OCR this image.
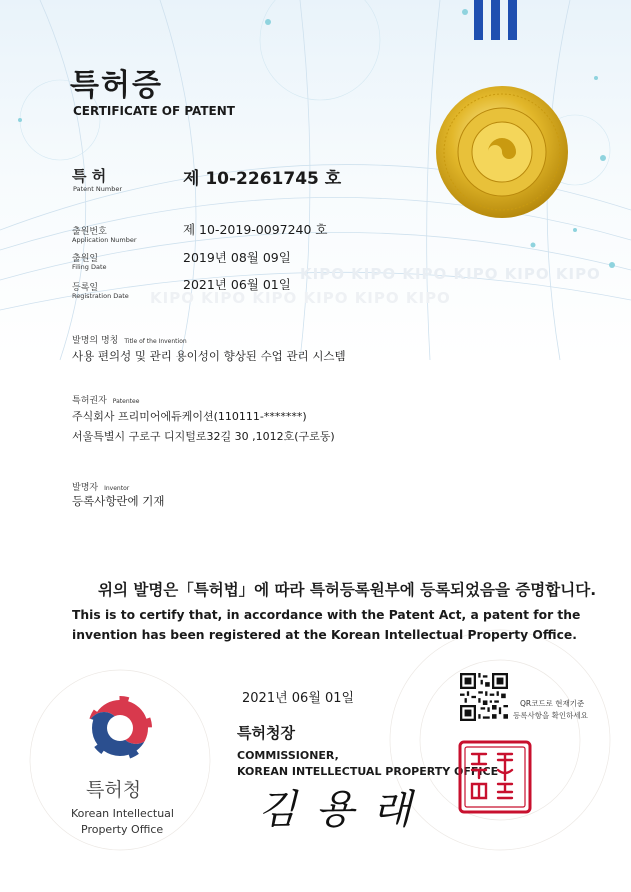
특허증
CERTIFICATE OF PATENT
KIPO KIPO KIPO KIPO KIPO KIPO
KIPO KIPO KIPO KIPO KIPO KIPO
특 허
Patent Number	제 10-2261745 호
출원번호
Application Number
제 10-2019-0097240 호
출원일
Filing Date
2019년 08월 09일
등록일
Registration Date
2021년 06월 01일
발명의 명칭 Title of the Invention
사용 편의성 및 관리 용이성이 향상된 수업 관리 시스템
특허권자 Patentee
주식회사 프리미어에듀케이션(110111-*******)
서울특별시 구로구 디지털로32길 30 ,1012호(구로동)
발명자 Inventor
등록사항란에 기재
위의 발명은「특허법」에 따라 특허등록원부에 등록되었음을 증명합니다.
This is to certify that, in accordance with the Patent Act, a patent for the invention has been registered at the Korean Intellectual Property Office.
2021년 06월 01일	QR코드로 현재기준
등록사항을 확인하세요
특허청장
COMMISSIONER,
KOREAN INTELLECTUAL PROPERTY OFFICE
김 용 래
특허청
Korean Intellectual
Property Office
